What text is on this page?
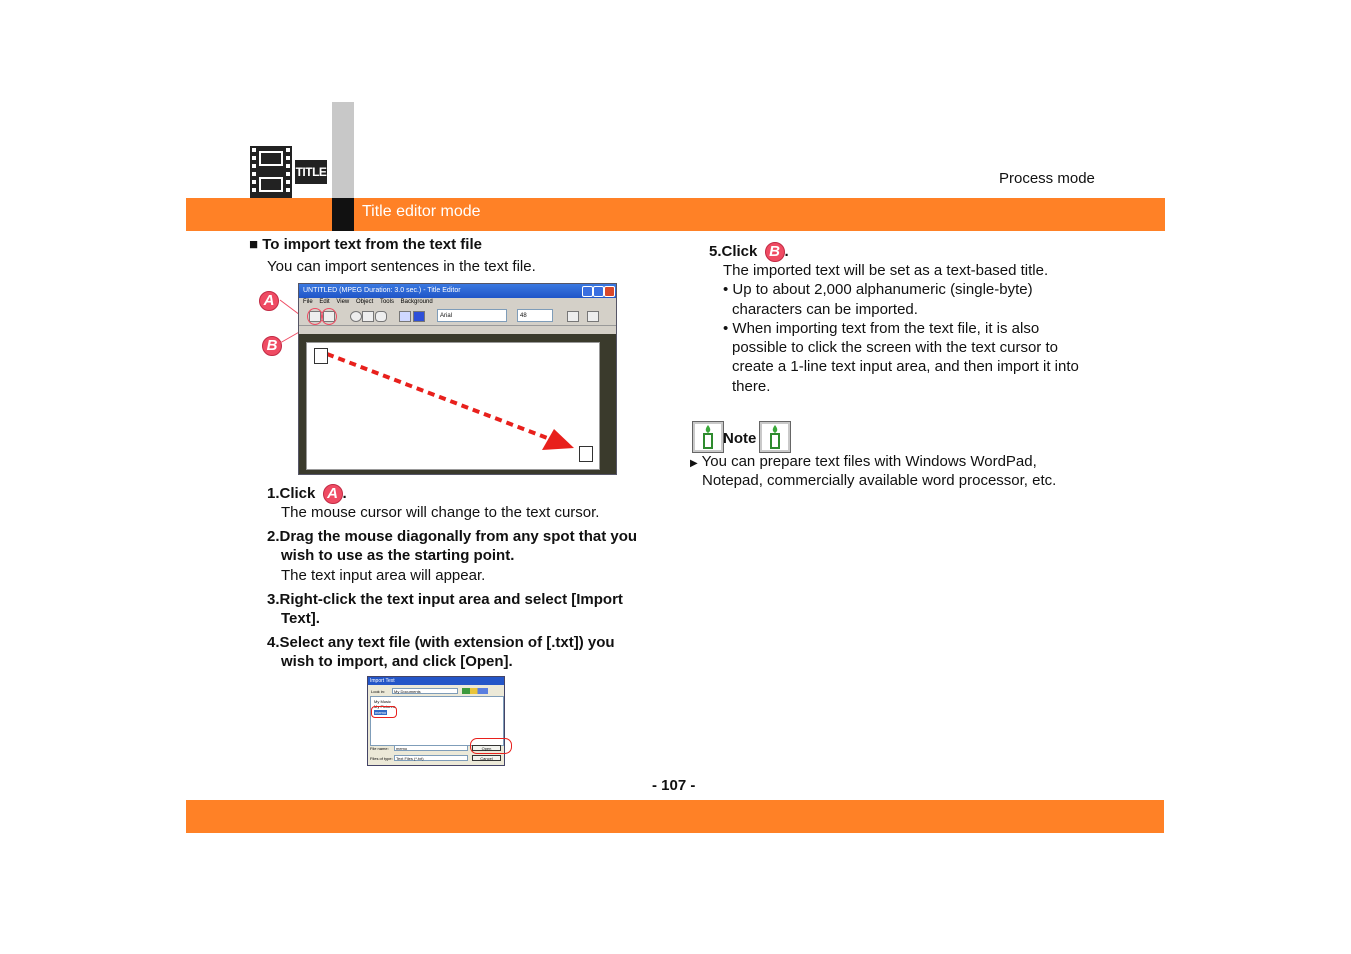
TITLE	Process mode
Title editor mode
■ To import text from the text file
You can import sentences in the text file.
A
B
UNTITLED (MPEG Duration: 3.0 sec.) - Title Editor
File Edit View Object Tools Background
Arial	48
1.Click A .
The mouse cursor will change to the text cursor.
2.Drag the mouse diagonally from any spot that you
wish to use as the starting point.
The text input area will appear.
3.Right-click the text input area and select [Import
Text].
4.Select any text file (with extension of [.txt]) you
wish to import, and click [Open].
Import Text
Look in:	My Documents
My Music
My Pictures
memo
File name:	memo
Files of type: Text Files (*.txt)
Open
Cancel
5.Click B .
The imported text will be set as a text-based title.
• Up to about 2,000 alphanumeric (single-byte)
characters can be imported.
• When importing text from the text file, it is also
possible to click the screen with the text cursor to
create a 1-line text input area, and then import it into
there.
Note
▶ You can prepare text files with Windows WordPad,
Notepad, commercially available word processor, etc.
- 107 -
